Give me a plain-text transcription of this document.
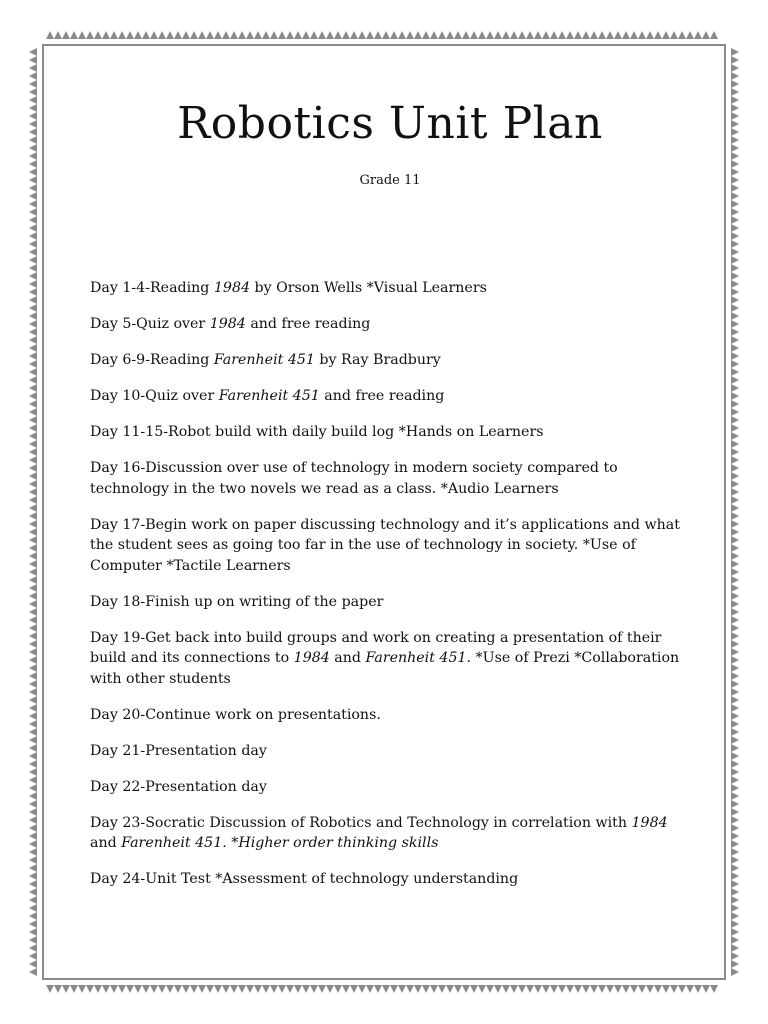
Robotics Unit Plan
Grade 11

Day 1-4-Reading 1984 by Orson Wells *Visual Learners

Day 5-Quiz over 1984 and free reading

Day 6-9-Reading Farenheit 451 by Ray Bradbury

Day 10-Quiz over Farenheit 451 and free reading

Day 11-15-Robot build with daily build log *Hands on Learners

Day 16-Discussion over use of technology in modern society compared to technology in the two novels we read as a class. *Audio Learners

Day 17-Begin work on paper discussing technology and it’s applications and what the student sees as going too far in the use of technology in society. *Use of Computer *Tactile Learners

Day 18-Finish up on writing of the paper

Day 19-Get back into build groups and work on creating a presentation of their build and its connections to 1984 and Farenheit 451. *Use of Prezi *Collaboration with other students

Day 20-Continue work on presentations.

Day 21-Presentation day

Day 22-Presentation day

Day 23-Socratic Discussion of Robotics and Technology in correlation with 1984 and Farenheit 451. *Higher order thinking skills

Day 24-Unit Test *Assessment of technology understanding
